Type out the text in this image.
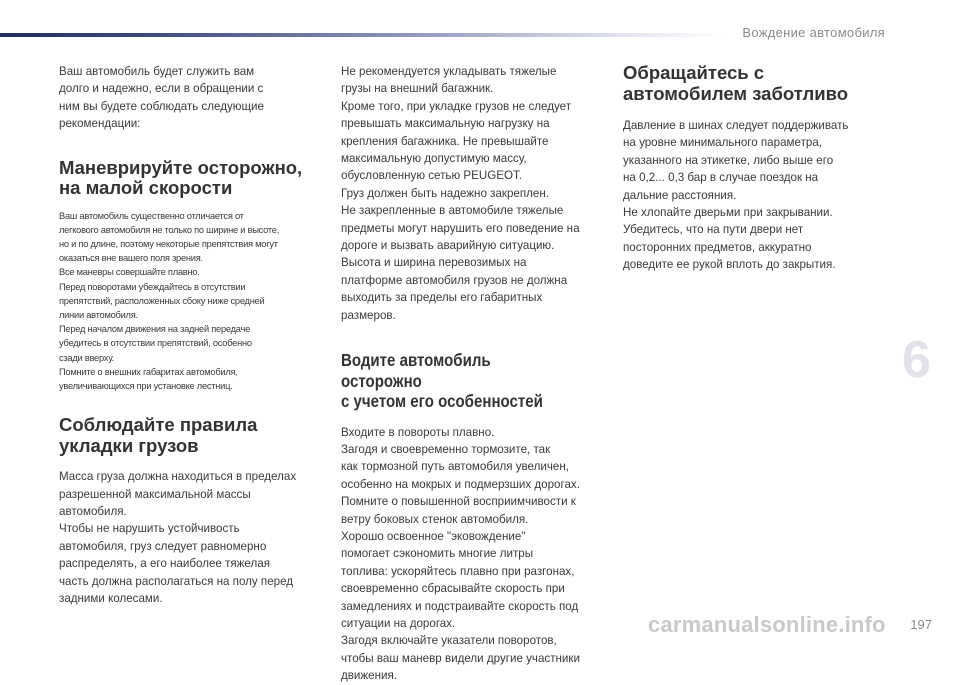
Вождение автомобиля

Ваш автомобиль будет служить вам
долго и надежно, если в обращении с
ним вы будете соблюдать следующие
рекомендации:

Маневрируйте осторожно,
на малой скорости

Ваш автомобиль существенно отличается от
легкового автомобиля не только по ширине и высоте,
но и по длине, поэтому некоторые препятствия могут
оказаться вне вашего поля зрения.
Все маневры совершайте плавно.
Перед поворотами убеждайтесь в отсутствии
препятствий, расположенных сбоку ниже средней
линии автомобиля.
Перед началом движения на задней передаче
убедитесь в отсутствии препятствий, особенно
сзади вверху.
Помните о внешних габаритах автомобиля,
увеличивающихся при установке лестниц.

Соблюдайте правила
укладки грузов

Масса груза должна находиться в пределах
разрешенной максимальной массы
автомобиля.
Чтобы не нарушить устойчивость
автомобиля, груз следует равномерно
распределять, а его наиболее тяжелая
часть должна располагаться на полу перед
задними колесами.

Не рекомендуется укладывать тяжелые
грузы на внешний багажник.
Кроме того, при укладке грузов не следует
превышать максимальную нагрузку на
крепления багажника. Не превышайте
максимальную допустимую массу,
обусловленную сетью PEUGEOT.
Груз должен быть надежно закреплен.
Не закрепленные в автомобиле тяжелые
предметы могут нарушить его поведение на
дороге и вызвать аварийную ситуацию.
Высота и ширина перевозимых на
платформе автомобиля грузов не должна
выходить за пределы его габаритных
размеров.

Водите автомобиль осторожно
с учетом его особенностей

Входите в повороты плавно.
Загодя и своевременно тормозите, так
как тормозной путь автомобиля увеличен,
особенно на мокрых и подмерзших дорогах.
Помните о повышенной восприимчивости к
ветру боковых стенок автомобиля.
Хорошо освоенное "эковождение"
помогает сэкономить многие литры
топлива: ускоряйтесь плавно при разгонах,
своевременно сбрасывайте скорость при
замедлениях и подстраивайте скорость под
ситуации на дорогах.
Загодя включайте указатели поворотов,
чтобы ваш маневр видели другие участники
движения.

Обращайтесь с
автомобилем заботливо

Давление в шинах следует поддерживать
на уровне минимального параметра,
указанного на этикетке, либо выше его
на 0,2... 0,3 бар в случае поездок на
дальние расстояния.
Не хлопайте дверьми при закрывании.
Убедитесь, что на пути двери нет
посторонних предметов, аккуратно
доведите ее рукой вплоть до закрытия.

6
197
carmanualsonline.info
